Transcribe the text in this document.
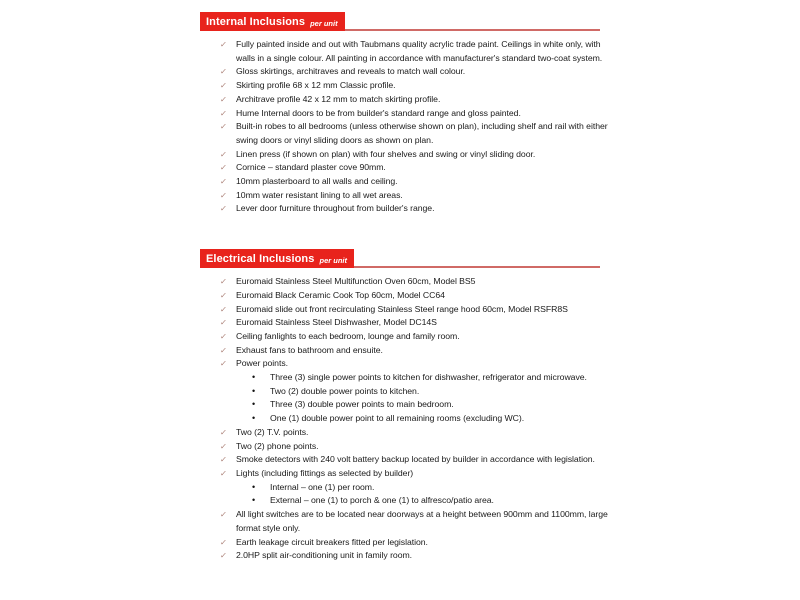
Internal Inclusions per unit
✓ Fully painted inside and out with Taubmans quality acrylic trade paint. Ceilings in white only, with walls in a single colour. All painting in accordance with manufacturer's standard two-coat system.

✓ Gloss skirtings, architraves and reveals to match wall colour.

✓ Skirting profile 68 x 12 mm Classic profile.

✓ Architrave profile 42 x 12 mm to match skirting profile.

✓ Hume Internal doors to be from builder's standard range and gloss painted.

✓ Built-in robes to all bedrooms (unless otherwise shown on plan), including shelf and rail with either swing doors or vinyl sliding doors as shown on plan.

✓ Linen press (if shown on plan) with four shelves and swing or vinyl sliding door.

✓ Cornice – standard plaster cove 90mm.

✓ 10mm plasterboard to all walls and ceiling.

✓ 10mm water resistant lining to all wet areas.

✓ Lever door furniture throughout from builder's range.

Electrical Inclusions per unit
✓ Euromaid Stainless Steel Multifunction Oven 60cm, Model BS5

✓ Euromaid Black Ceramic Cook Top 60cm, Model CC64

✓ Euromaid slide out front recirculating Stainless Steel range hood 60cm, Model RSFR8S

✓ Euromaid Stainless Steel Dishwasher, Model DC14S

✓ Ceiling fanlights to each bedroom, lounge and family room.

✓ Exhaust fans to bathroom and ensuite.

✓ Power points.

•	Three (3) single power points to kitchen for dishwasher, refrigerator and microwave.

•	Two (2) double power points to kitchen.

•	Three (3) double power points to main bedroom.

•	One (1) double power point to all remaining rooms (excluding WC).

✓ Two (2) T.V. points.

✓ Two (2) phone points.

✓ Smoke detectors with 240 volt battery backup located by builder in accordance with legislation.

✓ Lights (including fittings as selected by builder)

•	Internal – one (1) per room.

•	External – one (1) to porch & one (1) to alfresco/patio area.

✓ All light switches are to be located near doorways at a height between 900mm and 1100mm, large format style only.

✓ Earth leakage circuit breakers fitted per legislation.

✓ 2.0HP split air-conditioning unit in family room.
